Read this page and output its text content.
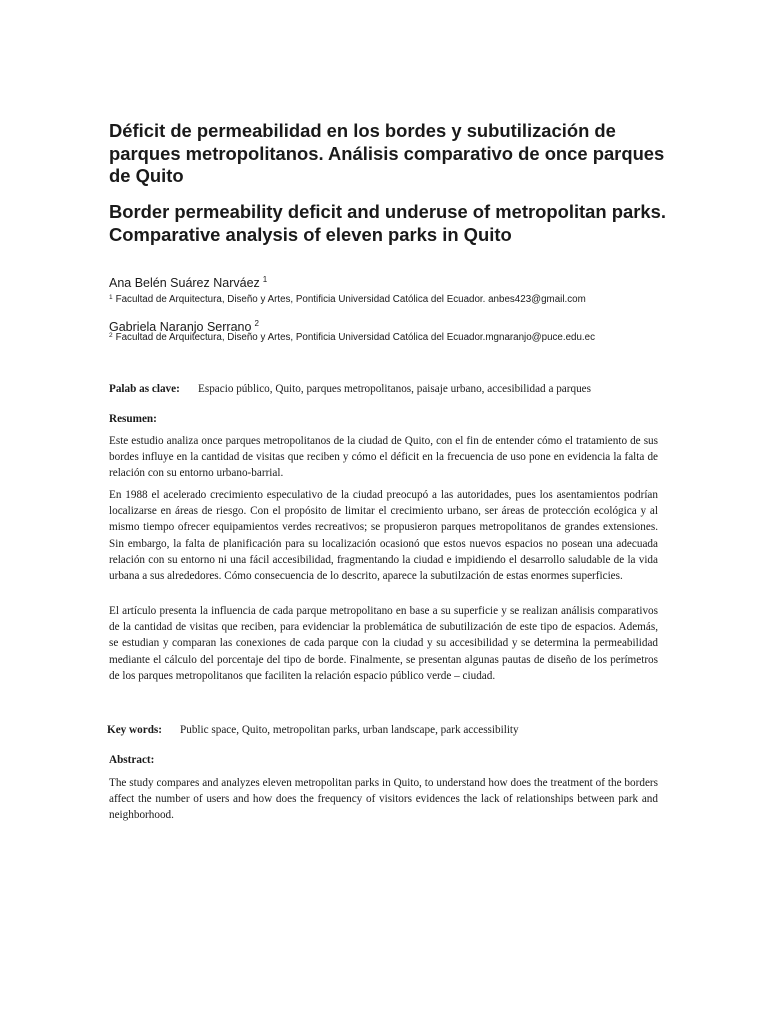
Déficit de permeabilidad en los bordes y subutilización de parques metropolitanos. Análisis comparativo de once parques de Quito
Border permeability deficit and underuse of metropolitan parks. Comparative analysis of eleven parks in Quito
Ana Belén Suárez Narváez $^1$
$^1$ Facultad de Arquitectura, Diseño y Artes, Pontificia Universidad Católica del Ecuador. anbes423@gmail.com
Gabriela Naranjo Serrano $^2$
$^2$ Facultad de Arquitectura, Diseño y Artes, Pontificia Universidad Católica del Ecuador.mgnaranjo@puce.edu.ec
Palab as clave: Espacio público, Quito, parques metropolitanos, paisaje urbano, accesibilidad a parques
Resumen:
Este estudio analiza once parques metropolitanos de la ciudad de Quito, con el fin de entender cómo el tratamiento de sus bordes influye en la cantidad de visitas que reciben y cómo el déficit en la frecuencia de uso pone en evidencia la falta de relación con su entorno urbano-barrial.
En 1988 el acelerado crecimiento especulativo de la ciudad preocupó a las autoridades, pues los asentamientos podrían localizarse en áreas de riesgo. Con el propósito de limitar el crecimiento urbano, ser áreas de protección ecológica y al mismo tiempo ofrecer equipamientos verdes recreativos; se propusieron parques metropolitanos de grandes extensiones. Sin embargo, la falta de planificación para su localización ocasionó que estos nuevos espacios no posean una adecuada relación con su entorno ni una fácil accesibilidad, fragmentando la ciudad e impidiendo el desarrollo saludable de la vida urbana a sus alrededores. Cómo consecuencia de lo descrito, aparece la subutilzación de estas enormes superficies.
El artículo presenta la influencia de cada parque metropolitano en base a su superficie y se realizan análisis comparativos de la cantidad de visitas que reciben, para evidenciar la problemática de subutilización de este tipo de espacios. Además, se estudian y comparan las conexiones de cada parque con la ciudad y su accesibilidad y se determina la permeabilidad mediante el cálculo del porcentaje del tipo de borde. Finalmente, se presentan algunas pautas de diseño de los perímetros de los parques metropolitanos que faciliten la relación espacio público verde – ciudad.
Key words: Public space, Quito, metropolitan parks, urban landscape, park accessibility
Abstract:
The study compares and analyzes eleven metropolitan parks in Quito, to understand how does the treatment of the borders affect the number of users and how does the frequency of visitors evidences the lack of relationships between park and neighborhood.
